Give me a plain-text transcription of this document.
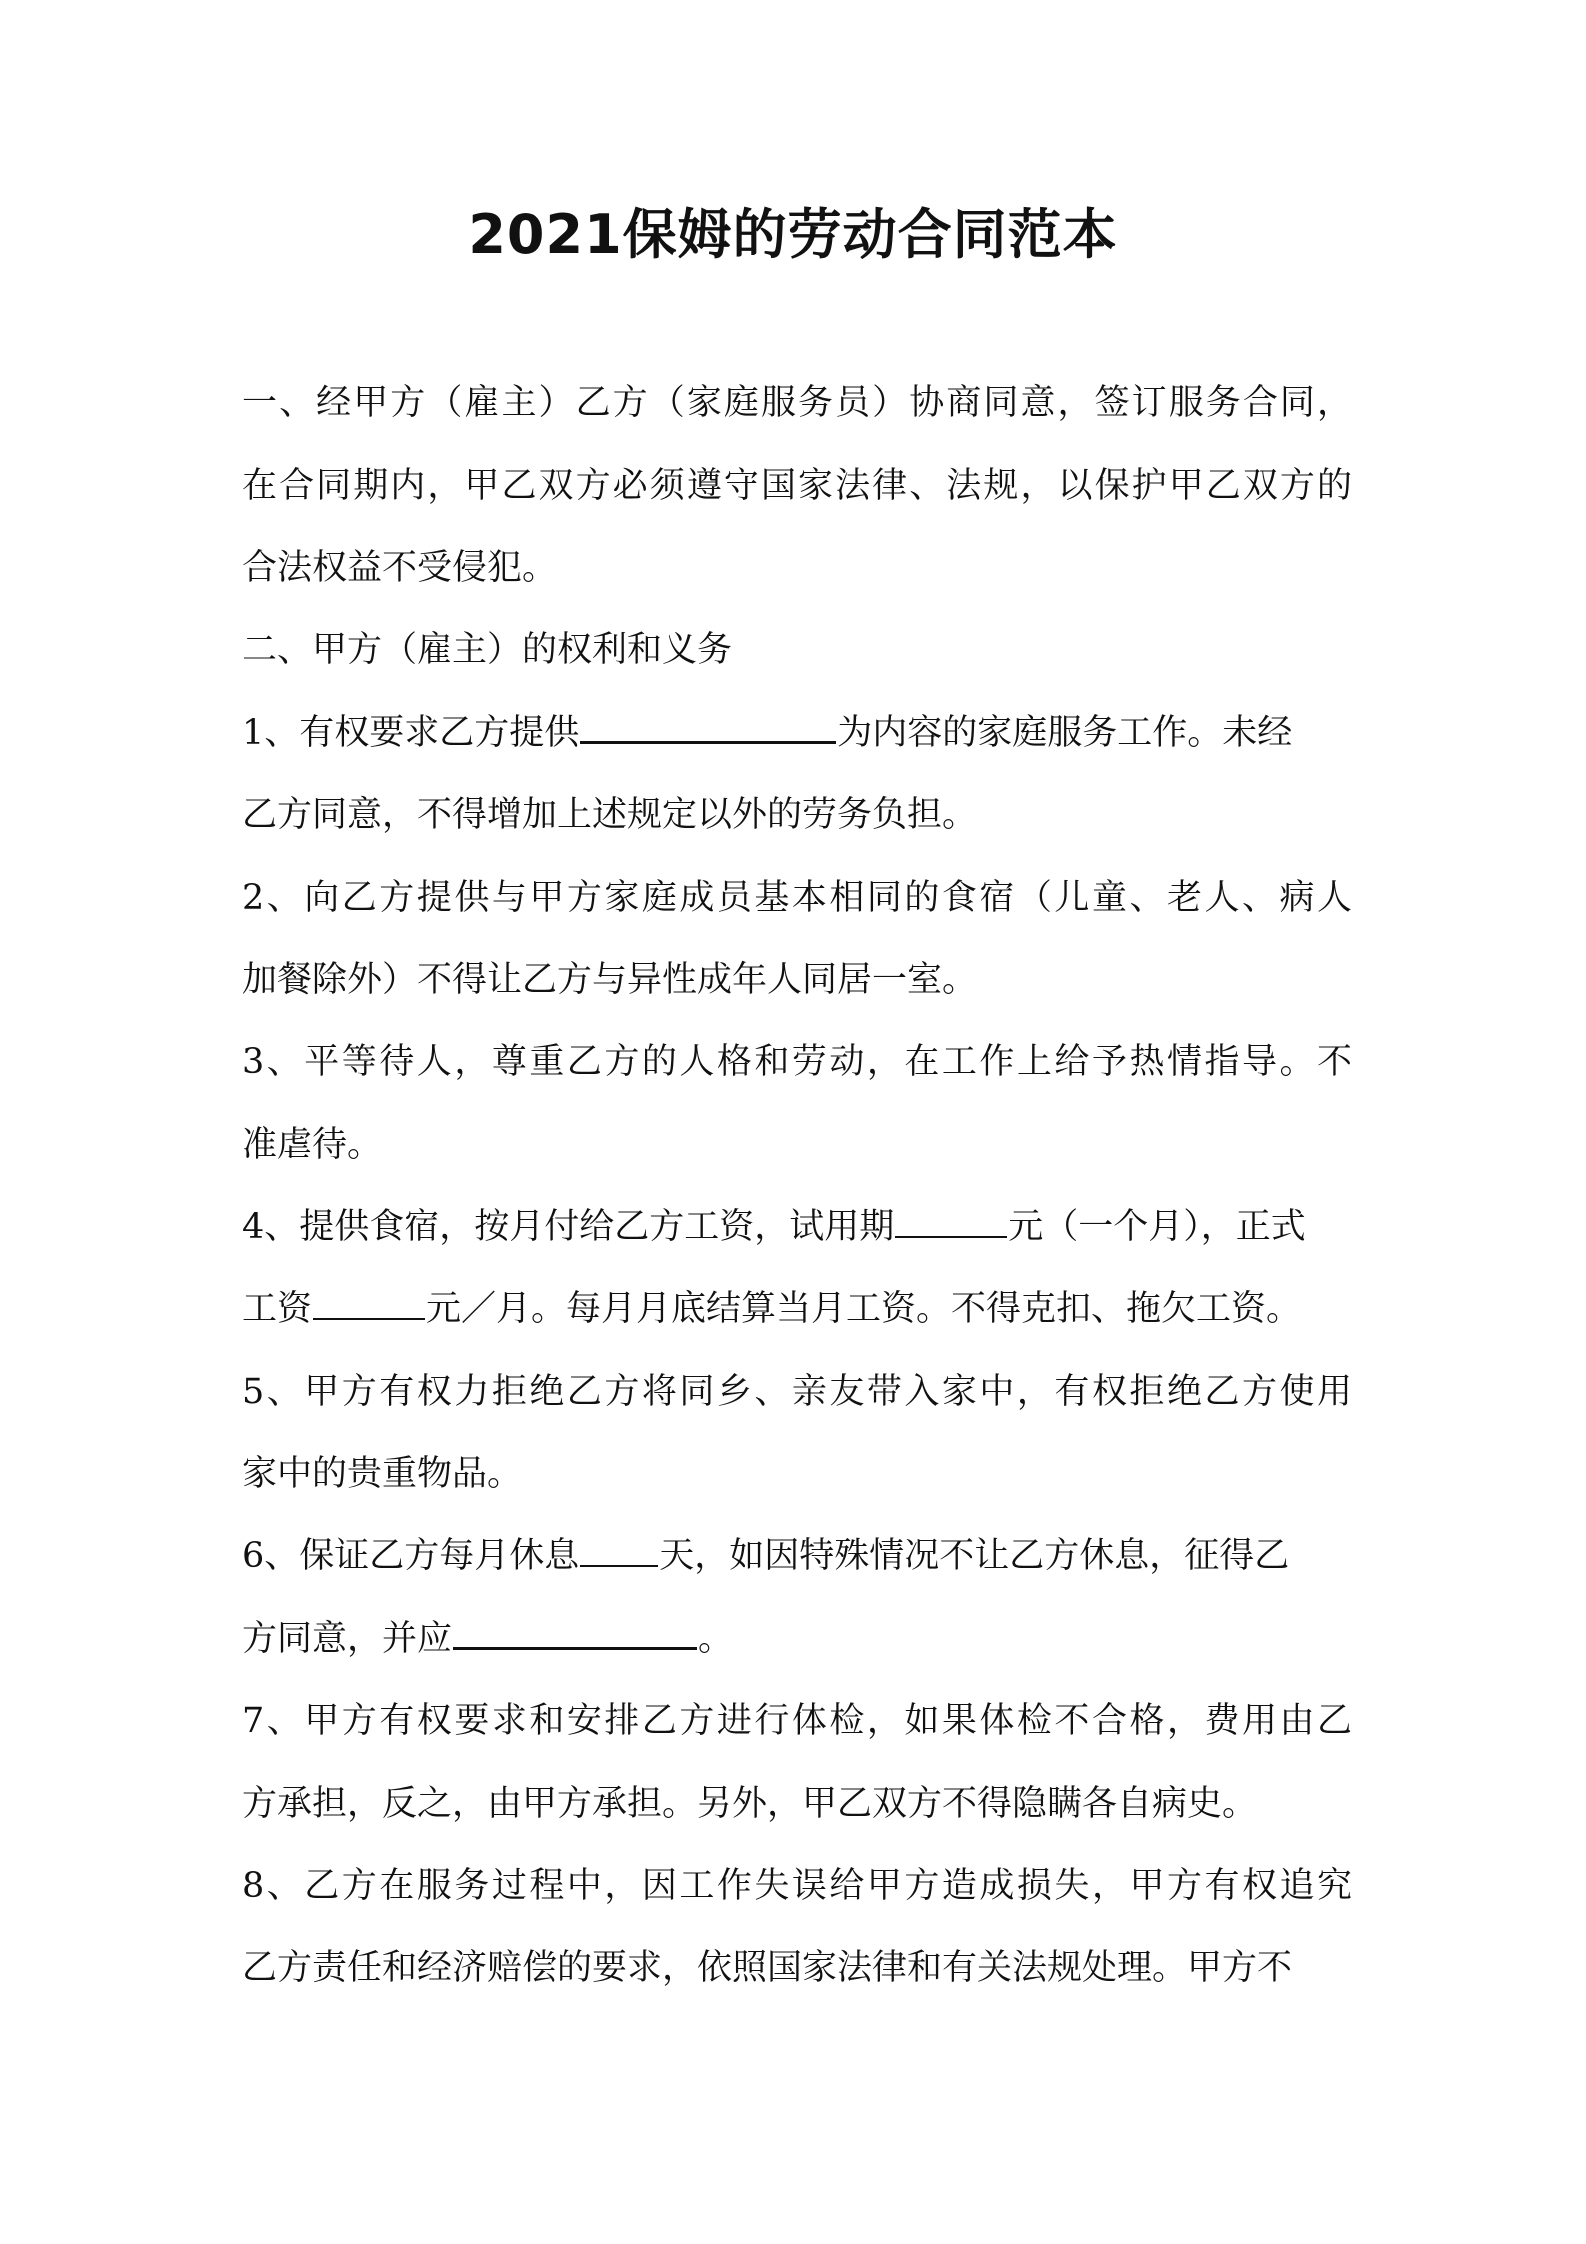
2021保姆的劳动合同范本
一、经甲方（雇主）乙方（家庭服务员）协商同意，签订服务合同，
在合同期内，甲乙双方必须遵守国家法律、法规，以保护甲乙双方的
合法权益不受侵犯。
二、甲方（雇主）的权利和义务
1、有权要求乙方提供	为内容的家庭服务工作。未经
乙方同意，不得增加上述规定以外的劳务负担。
2、向乙方提供与甲方家庭成员基本相同的食宿（儿童、老人、病人
加餐除外）不得让乙方与异性成年人同居一室。
3、平等待人，尊重乙方的人格和劳动，在工作上给予热情指导。不
准虐待。
4、提供食宿，按月付给乙方工资，试用期	元（一个月），正式
工资	元／月。每月月底结算当月工资。不得克扣、拖欠工资。
5、甲方有权力拒绝乙方将同乡、亲友带入家中，有权拒绝乙方使用
家中的贵重物品。
6、保证乙方每月休息 天，如因特殊情况不让乙方休息，征得乙
方同意，并应	。
7、甲方有权要求和安排乙方进行体检，如果体检不合格，费用由乙
方承担，反之，由甲方承担。另外，甲乙双方不得隐瞒各自病史。
8、乙方在服务过程中，因工作失误给甲方造成损失，甲方有权追究
乙方责任和经济赔偿的要求，依照国家法律和有关法规处理。甲方不
